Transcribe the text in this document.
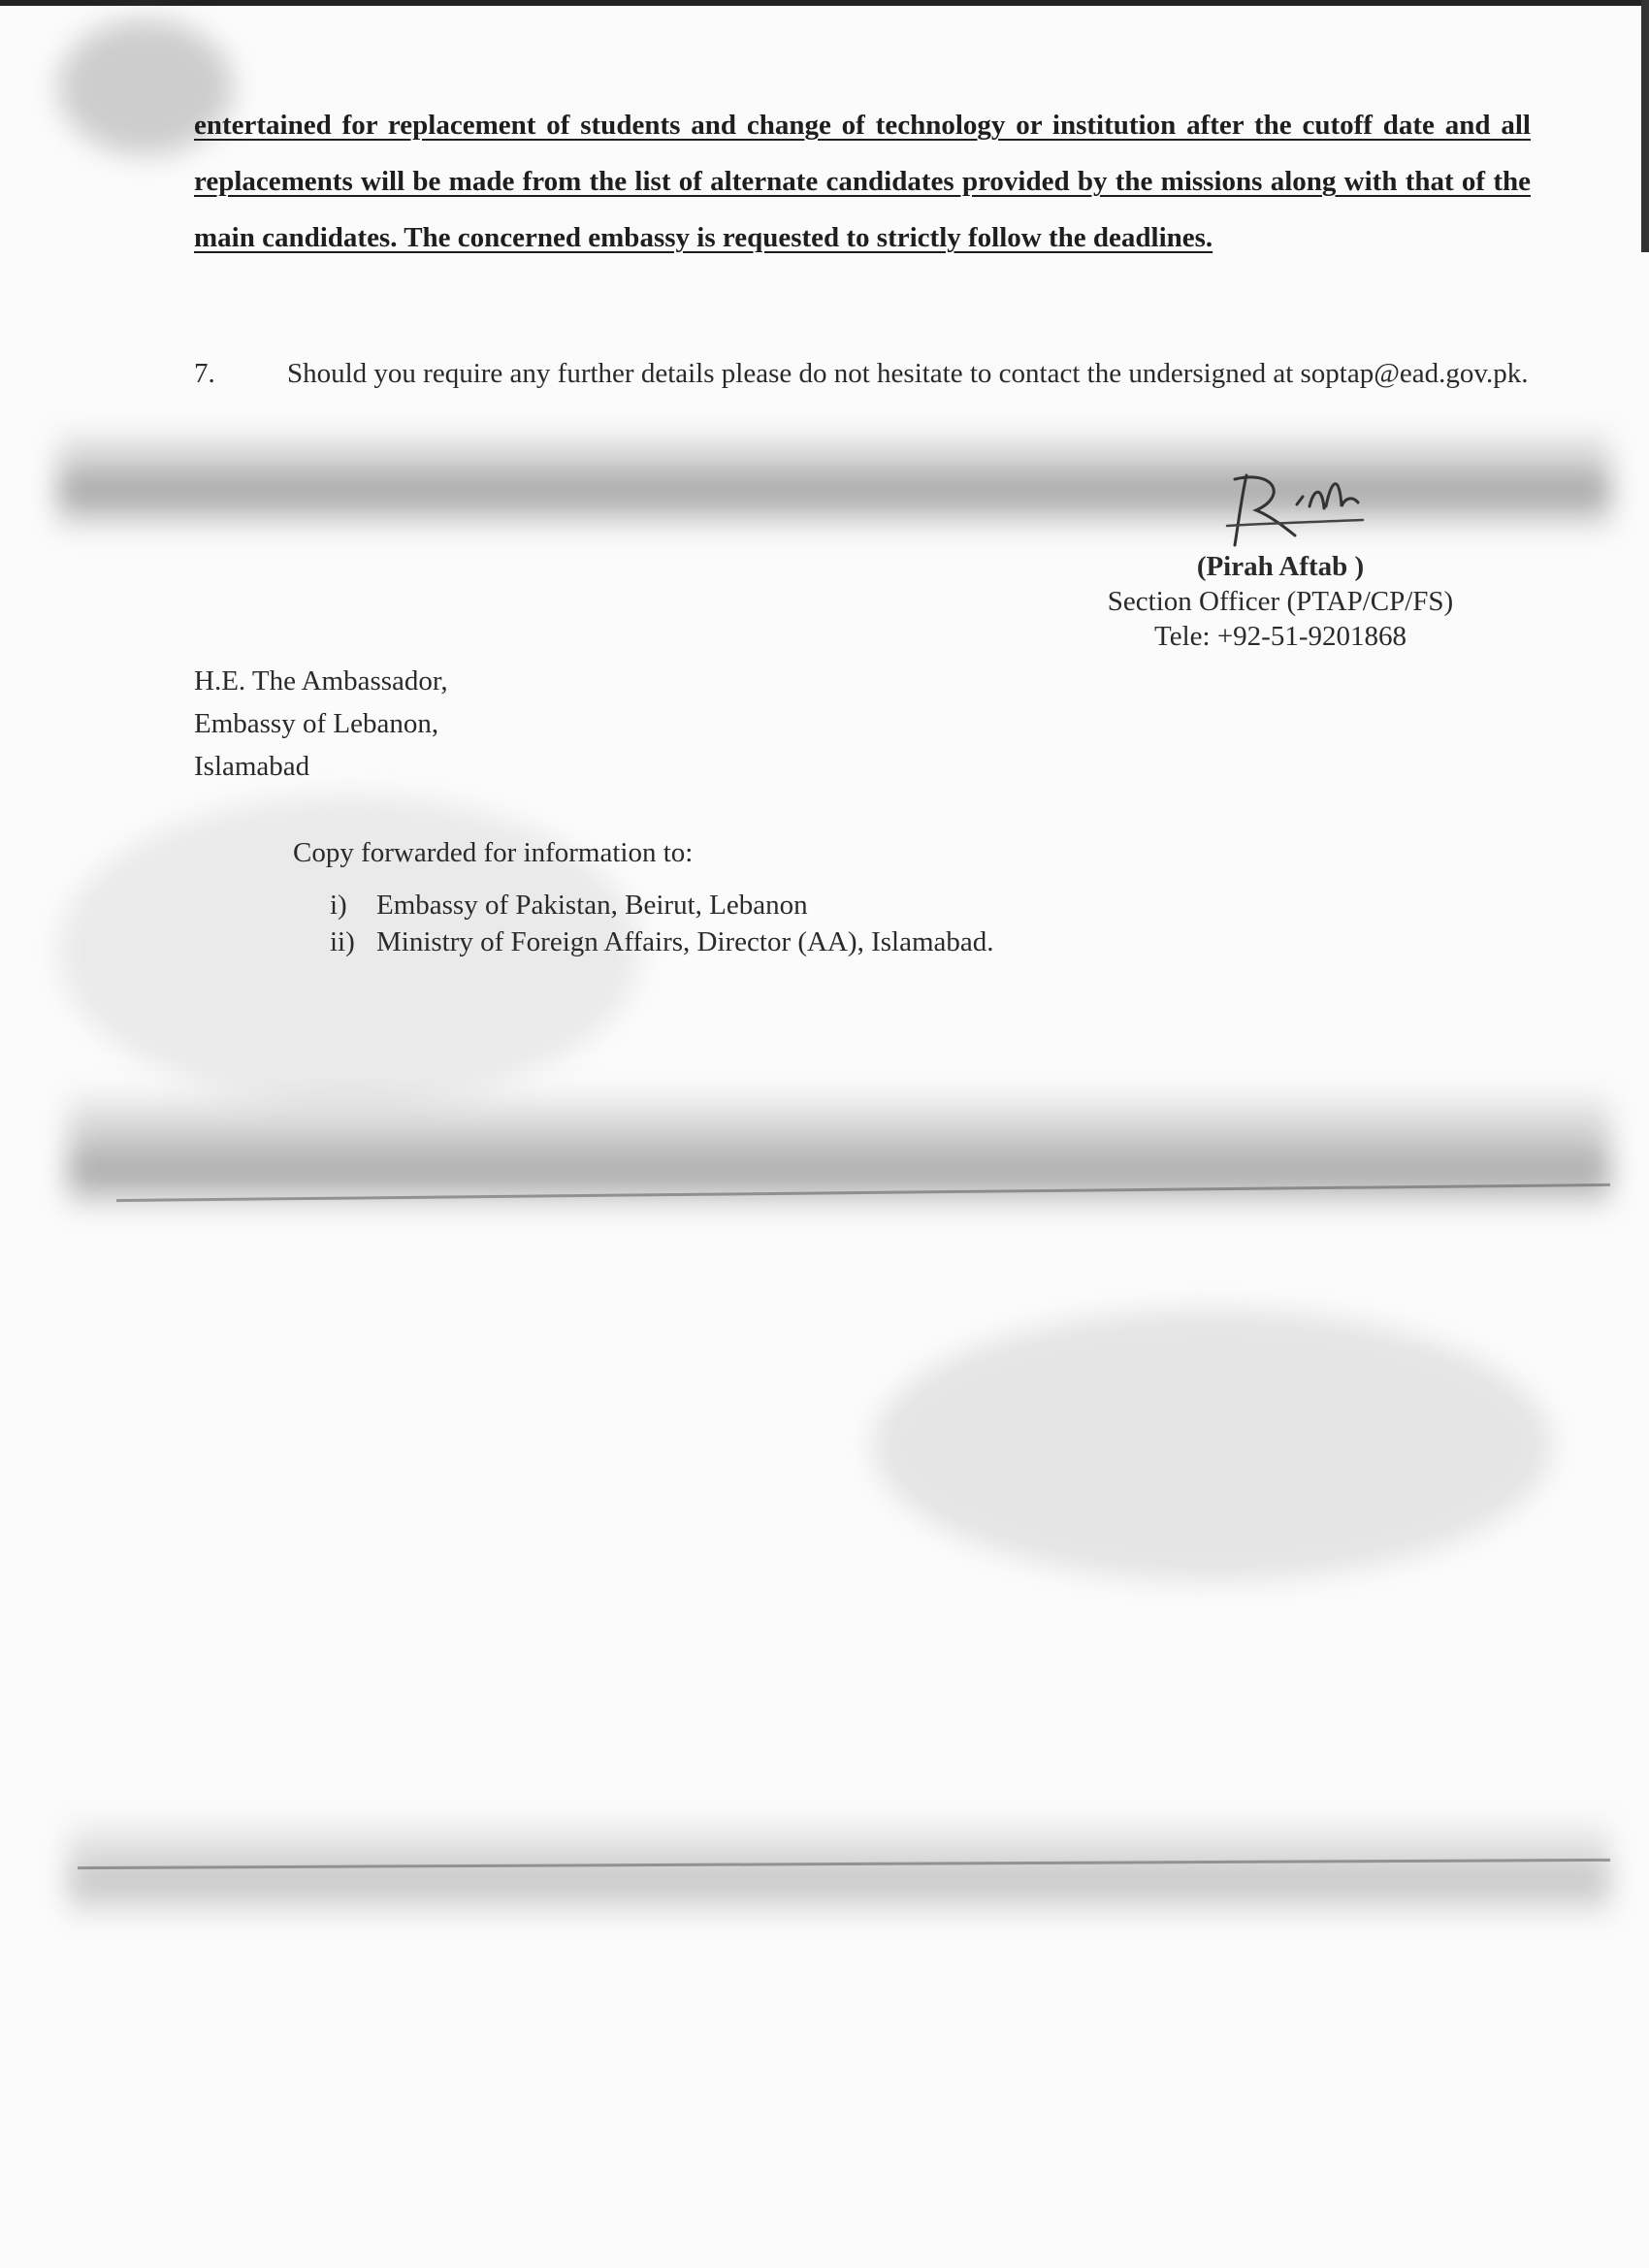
entertained for replacement of students and change of technology or institution after the cutoff date and all replacements will be made from the list of alternate candidates provided by the missions along with that of the main candidates. The concerned embassy is requested to strictly follow the deadlines.
7.	Should you require any further details please do not hesitate to contact the undersigned at soptap@ead.gov.pk.
(Pirah Aftab )
Section Officer (PTAP/CP/FS)
Tele: +92-51-9201868
H.E. The Ambassador,
Embassy of Lebanon,
Islamabad
Copy forwarded for information to:
i) Embassy of Pakistan, Beirut, Lebanon
ii) Ministry of Foreign Affairs, Director (AA), Islamabad.
